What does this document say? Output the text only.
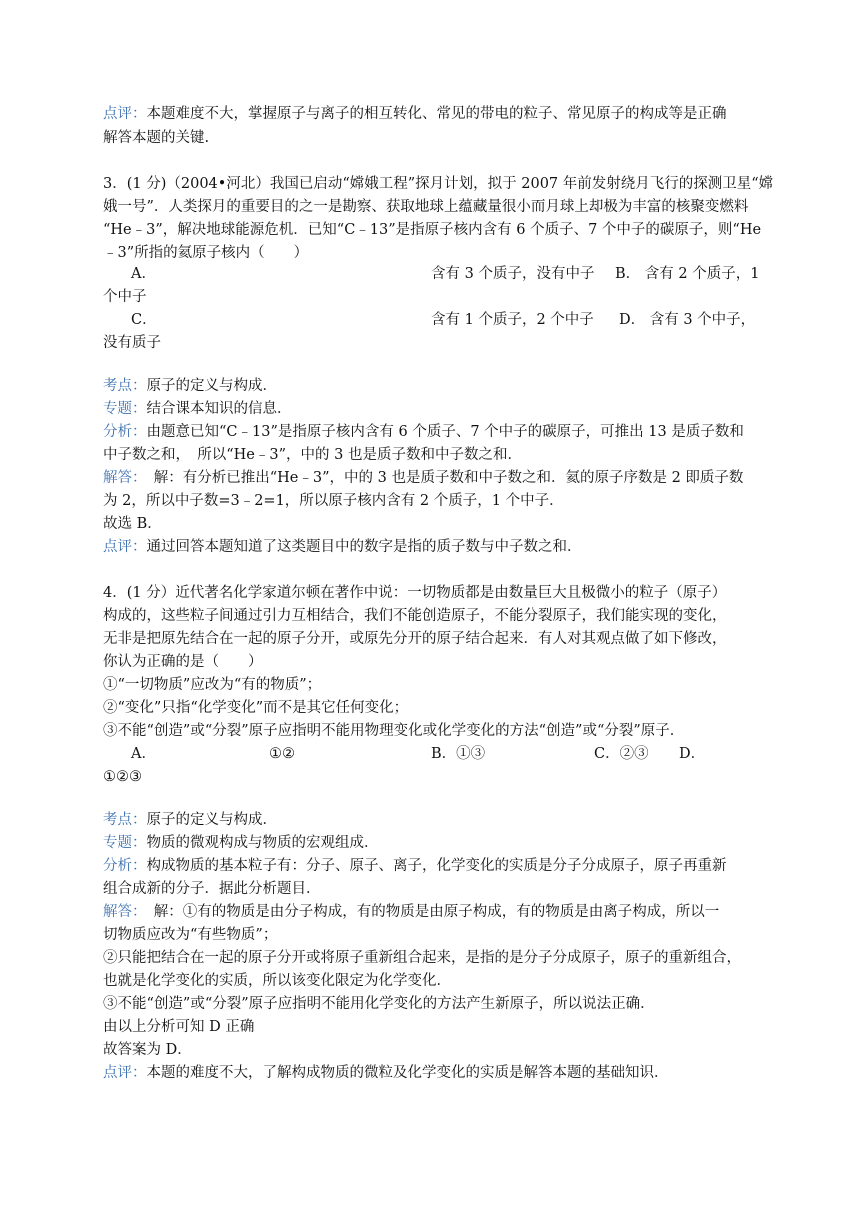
点评：本题难度不大，掌握原子与离子的相互转化、常见的带电的粒子、常见原子的构成等是正确
解答本题的关键.
3．(1 分)（2004•河北）我国已启动“嫦娥工程”探月计划，拟于 2007 年前发射绕月飞行的探测卫星“嫦
娥一号”．人类探月的重要目的之一是勘察、获取地球上蕴藏量很小而月球上却极为丰富的核聚变燃料
“He﹣3”，解决地球能源危机．已知“C﹣13”是指原子核内含有 6 个质子、7 个中子的碳原子，则“He
﹣3”所指的氦原子核内（　　）
A．	含有 3 个质子，没有中子 B． 含有 2 个质子，1
个中子
C．	含有 1 个质子，2 个中子 D． 含有 3 个中子，
没有质子
考点：原子的定义与构成．
专题：结合课本知识的信息．
分析：由题意已知“C﹣13”是指原子核内含有 6 个质子、7 个中子的碳原子，可推出 13 是质子数和
中子数之和，　所以“He﹣3”，中的 3 也是质子数和中子数之和．
解答：　解：有分析已推出“He﹣3”，中的 3 也是质子数和中子数之和．氦的原子序数是 2 即质子数
为 2，所以中子数=3﹣2=1，所以原子核内含有 2 个质子，1 个中子．
故选 B．
点评：通过回答本题知道了这类题目中的数字是指的质子数与中子数之和．
4．(1 分）近代著名化学家道尔顿在著作中说：一切物质都是由数量巨大且极微小的粒子（原子）
构成的，这些粒子间通过引力互相结合，我们不能创造原子，不能分裂原子，我们能实现的变化，
无非是把原先结合在一起的原子分开，或原先分开的原子结合起来．有人对其观点做了如下修改，
你认为正确的是（　　）
①“一切物质”应改为“有的物质”；
②“变化”只指“化学变化”而不是其它任何变化；
③不能“创造”或“分裂”原子应指明不能用物理变化或化学变化的方法“创造”或“分裂”原子．
A．	①②	B．①③	C．②③ D．
①②③
考点：原子的定义与构成．
专题：物质的微观构成与物质的宏观组成．
分析：构成物质的基本粒子有：分子、原子、离子，化学变化的实质是分子分成原子，原子再重新
组合成新的分子．据此分析题目．
解答：　解：①有的物质是由分子构成，有的物质是由原子构成，有的物质是由离子构成，所以一
切物质应改为“有些物质”；
②只能把结合在一起的原子分开或将原子重新组合起来，是指的是分子分成原子，原子的重新组合，
也就是化学变化的实质，所以该变化限定为化学变化．
③不能“创造”或“分裂”原子应指明不能用化学变化的方法产生新原子，所以说法正确．
由以上分析可知 D 正确
故答案为 D．
点评：本题的难度不大，了解构成物质的微粒及化学变化的实质是解答本题的基础知识．
